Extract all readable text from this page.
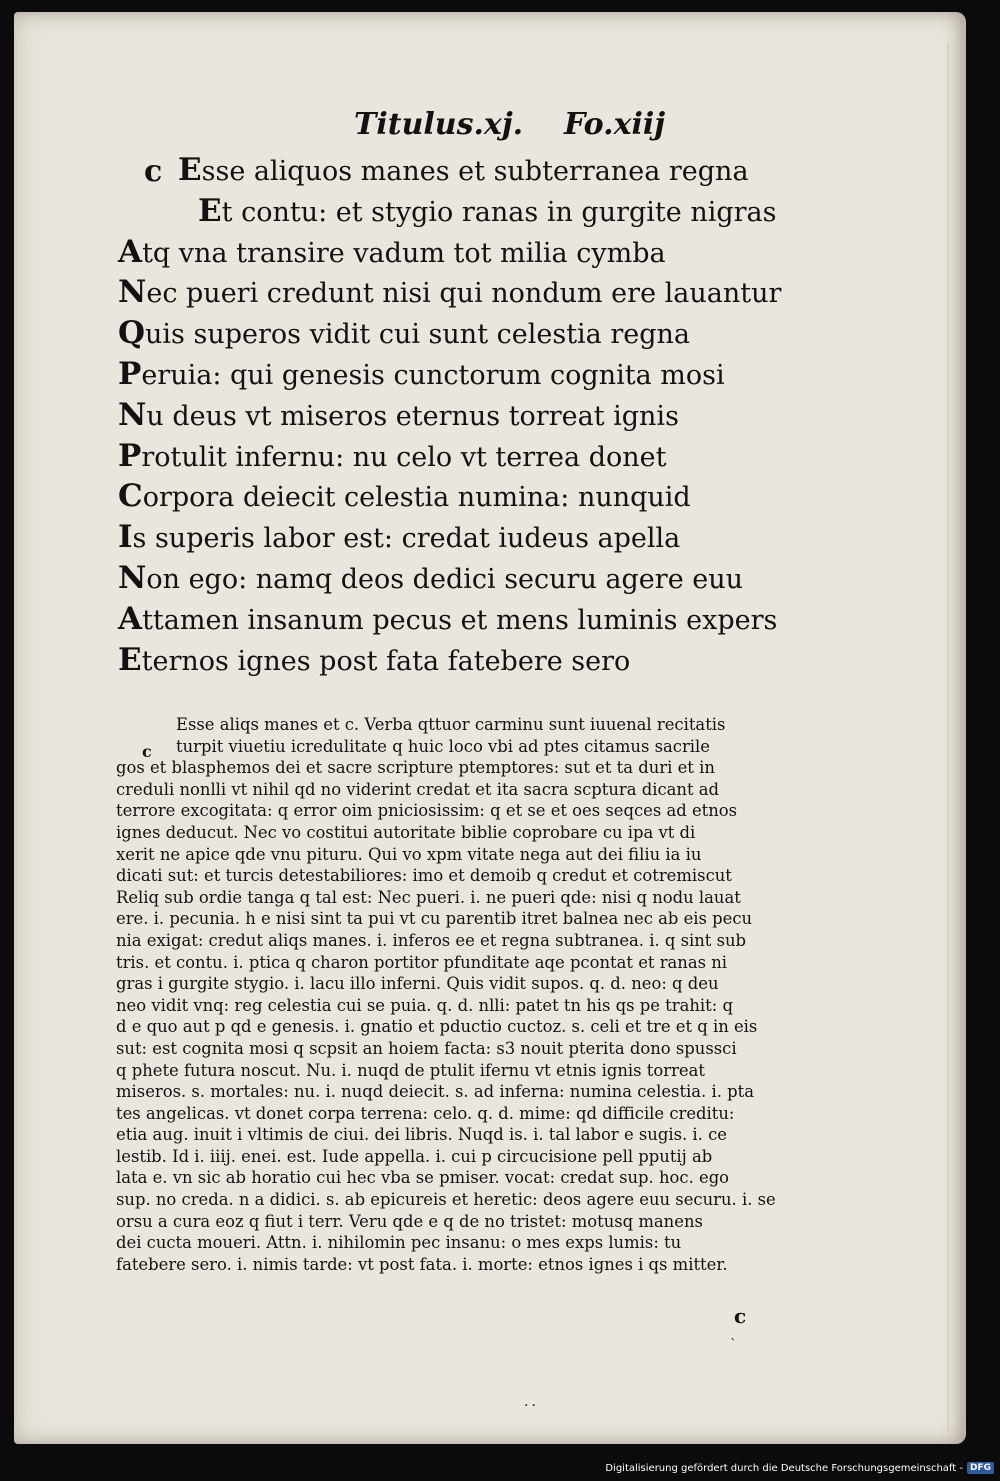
Titulus.xj. Fo.xiij
c Esse aliquos manes et subterranea regna
Et contu: et stygio ranas in gurgite nigras
Atq vna transire vadum tot milia cymba
Nec pueri credunt nisi qui nondum ere lauantur
Quis superos vidit cui sunt celestia regna
Peruia: qui genesis cunctorum cognita mosi
Nu deus vt miseros eternus torreat ignis
Protulit infernu: nu celo vt terrea donet
Corpora deiecit celestia numina: nunquid
Is superis labor est: credat iudeus apella
Non ego: namq deos dedici securu agere euu
Attamen insanum pecus et mens luminis expers
Eternos ignes post fata fatebere sero
c
Esse aliqs manes et c. Verba qttuor carminu sunt iuuenal recitatis
turpit viuetiu icredulitate q huic loco vbi ad ptes citamus sacrile
gos et blasphemos dei et sacre scripture ptemptores: sut et ta duri et in
creduli nonlli vt nihil qd no viderint credat et ita sacra scptura dicant ad
terrore excogitata: q error oim pniciosissim: q et se et oes seqces ad etnos
ignes deducut. Nec vo costitui autoritate biblie coprobare cu ipa vt di
xerit ne apice qde vnu pituru. Qui vo xpm vitate nega aut dei filiu ia iu
dicati sut: et turcis detestabiliores: imo et demoib q credut et cotremiscut
Reliq sub ordie tanga q tal est: Nec pueri. i. ne pueri qde: nisi q nodu lauat
ere. i. pecunia. h e nisi sint ta pui vt cu parentib itret balnea nec ab eis pecu
nia exigat: credut aliqs manes. i. inferos ee et regna subtranea. i. q sint sub
tris. et contu. i. ptica q charon portitor pfunditate aqe pcontat et ranas ni
gras i gurgite stygio. i. lacu illo inferni. Quis vidit supos. q. d. neo: q deu
neo vidit vnq: reg celestia cui se puia. q. d. nlli: patet tn his qs pe trahit: q
d e quo aut p qd e genesis. i. gnatio et pductio cuctoz. s. celi et tre et q in eis
sut: est cognita mosi q scpsit an hoiem facta: s3 nouit pterita dono spussci
q phete futura noscut. Nu. i. nuqd de ptulit ifernu vt etnis ignis torreat
miseros. s. mortales: nu. i. nuqd deiecit. s. ad inferna: numina celestia. i. pta
tes angelicas. vt donet corpa terrena: celo. q. d. mime: qd difficile creditu:
etia aug. inuit i vltimis de ciui. dei libris. Nuqd is. i. tal labor e sugis. i. ce
lestib. Id i. iiij. enei. est. Iude appella. i. cui p circucisione pell pputij ab
lata e. vn sic ab horatio cui hec vba se pmiser. vocat: credat sup. hoc. ego
sup. no creda. n a didici. s. ab epicureis et heretic: deos agere euu securu. i. se
orsu a cura eoz q fiut i terr. Veru qde e q de no tristet: motusq manens
dei cucta moueri. Attn. i. nihilomin pec insanu: o mes exps lumis: tu
fatebere sero. i. nimis tarde: vt post fata. i. morte: etnos ignes i qs mitter.
c
`
..
Digitalisierung gefördert durch die Deutsche Forschungsgemeinschaft - DFG
